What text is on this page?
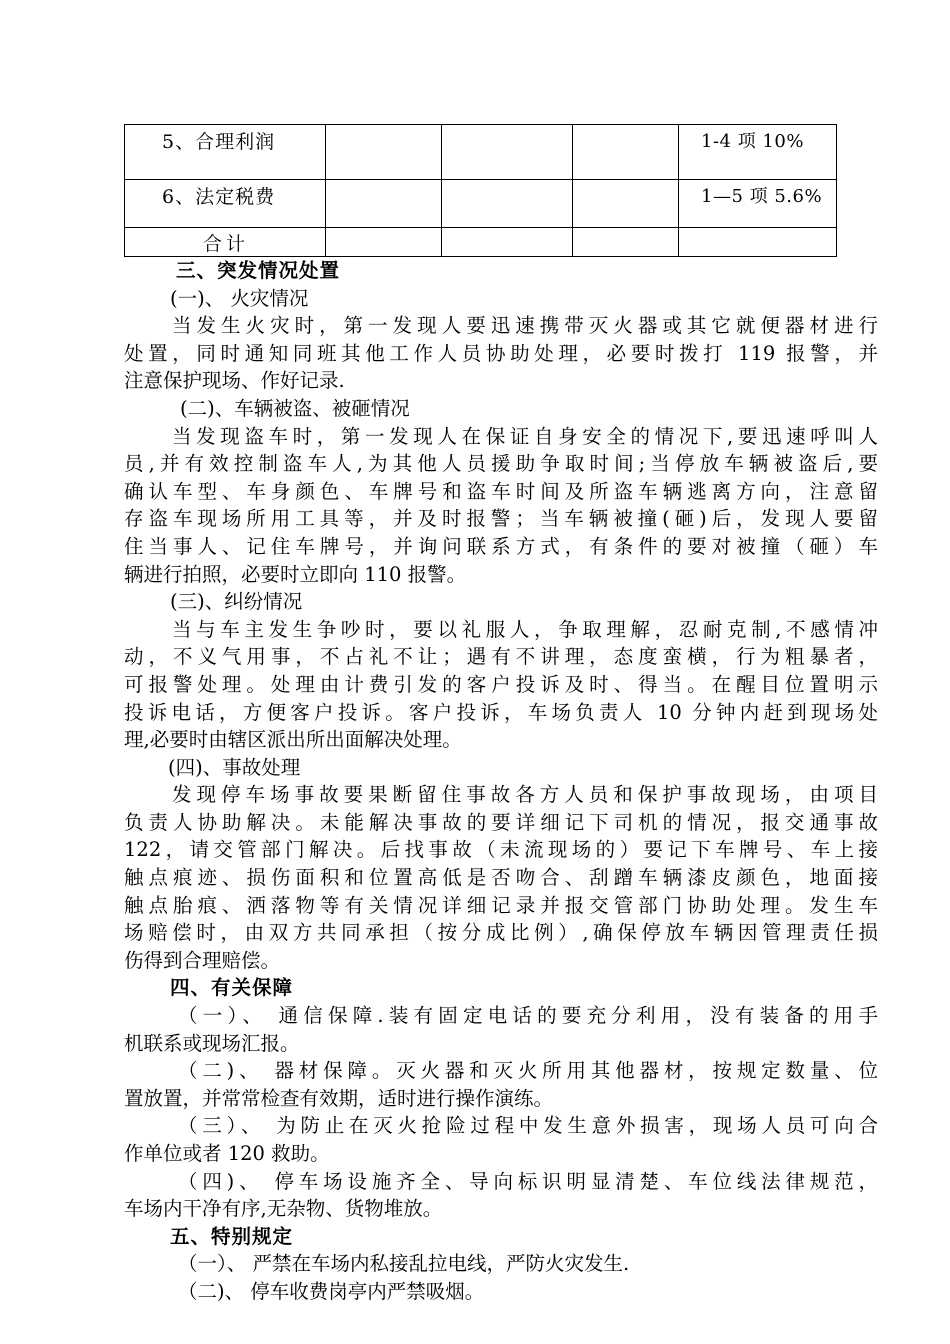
5、合理利润				1-4 项 10%

6、法定税费				1—5 项 5.6%

合计				

三、突发情况处置
(一)、 火灾情况
当发生火灾时，第一发现人要迅速携带灭火器或其它就便器材进行
处置，同时通知同班其他工作人员协助处理，必要时拨打 119 报警，并
注意保护现场、作好记录.
(二)、车辆被盗、被砸情况
当发现盗车时，第一发现人在保证自身安全的情况下,要迅速呼叫人
员,并有效控制盗车人,为其他人员援助争取时间;当停放车辆被盗后,要
确认车型、车身颜色、车牌号和盗车时间及所盗车辆逃离方向，注意留
存盗车现场所用工具等，并及时报警；当车辆被撞(砸)后，发现人要留
住当事人、记住车牌号，并询问联系方式，有条件的要对被撞（砸）车
辆进行拍照，必要时立即向 110 报警。
(三)、纠纷情况
当与车主发生争吵时，要以礼服人，争取理解，忍耐克制,不感情冲
动，不义气用事，不占礼不让；遇有不讲理，态度蛮横，行为粗暴者，
可报警处理。处理由计费引发的客户投诉及时、得当。在醒目位置明示
投诉电话，方便客户投诉。客户投诉，车场负责人 10 分钟内赶到现场处
理,必要时由辖区派出所出面解决处理。
(四)、事故处理
发现停车场事故要果断留住事故各方人员和保护事故现场，由项目
负责人协助解决。未能解决事故的要详细记下司机的情况，报交通事故
122，请交管部门解决。后找事故（未流现场的）要记下车牌号、车上接
触点痕迹、损伤面积和位置高低是否吻合、刮蹭车辆漆皮颜色，地面接
触点胎痕、洒落物等有关情况详细记录并报交管部门协助处理。发生车
场赔偿时，由双方共同承担（按分成比例）,确保停放车辆因管理责任损
伤得到合理赔偿。
四、有关保障
（一）、 通信保障.装有固定电话的要充分利用，没有装备的用手
机联系或现场汇报。
（二)、 器材保障。灭火器和灭火所用其他器材，按规定数量、位
置放置，并常常检查有效期，适时进行操作演练。
（三）、 为防止在灭火抢险过程中发生意外损害，现场人员可向合
作单位或者 120 救助。
（四)、 停车场设施齐全、导向标识明显清楚、车位线法律规范，
车场内干净有序,无杂物、货物堆放。
五、特别规定
（一）、 严禁在车场内私接乱拉电线，严防火灾发生.
（二)、 停车收费岗亭内严禁吸烟。
